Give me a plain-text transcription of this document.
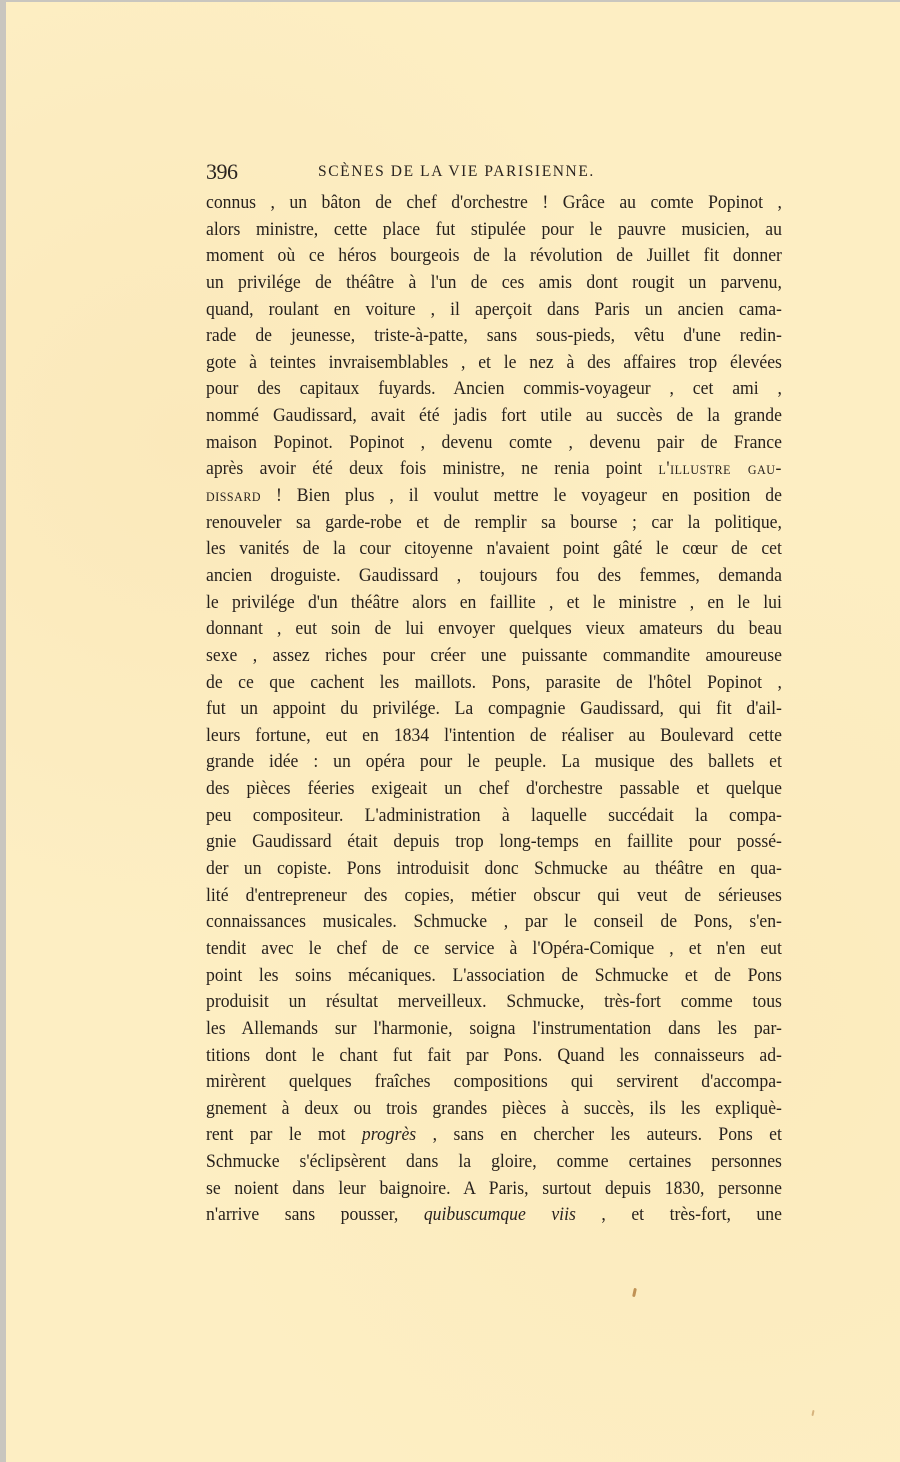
396	SCÈNES DE LA VIE PARISIENNE.
connus , un bâton de chef d'orchestre ! Grâce au comte Popinot ,
alors ministre, cette place fut stipulée pour le pauvre musicien, au
moment où ce héros bourgeois de la révolution de Juillet fit donner
un privilége de théâtre à l'un de ces amis dont rougit un parvenu,
quand, roulant en voiture , il aperçoit dans Paris un ancien cama-
rade de jeunesse, triste-à-patte, sans sous-pieds, vêtu d'une redin-
gote à teintes invraisemblables , et le nez à des affaires trop élevées
pour des capitaux fuyards. Ancien commis-voyageur , cet ami ,
nommé Gaudissard, avait été jadis fort utile au succès de la grande
maison Popinot. Popinot , devenu comte , devenu pair de France
après avoir été deux fois ministre, ne renia point l'illustre gau-
dissard ! Bien plus , il voulut mettre le voyageur en position de
renouveler sa garde-robe et de remplir sa bourse ; car la politique,
les vanités de la cour citoyenne n'avaient point gâté le cœur de cet
ancien droguiste. Gaudissard , toujours fou des femmes, demanda
le privilége d'un théâtre alors en faillite , et le ministre , en le lui
donnant , eut soin de lui envoyer quelques vieux amateurs du beau
sexe , assez riches pour créer une puissante commandite amoureuse
de ce que cachent les maillots. Pons, parasite de l'hôtel Popinot ,
fut un appoint du privilége. La compagnie Gaudissard, qui fit d'ail-
leurs fortune, eut en 1834 l'intention de réaliser au Boulevard cette
grande idée : un opéra pour le peuple. La musique des ballets et
des pièces féeries exigeait un chef d'orchestre passable et quelque
peu compositeur. L'administration à laquelle succédait la compa-
gnie Gaudissard était depuis trop long-temps en faillite pour possé-
der un copiste. Pons introduisit donc Schmucke au théâtre en qua-
lité d'entrepreneur des copies, métier obscur qui veut de sérieuses
connaissances musicales. Schmucke , par le conseil de Pons, s'en-
tendit avec le chef de ce service à l'Opéra-Comique , et n'en eut
point les soins mécaniques. L'association de Schmucke et de Pons
produisit un résultat merveilleux. Schmucke, très-fort comme tous
les Allemands sur l'harmonie, soigna l'instrumentation dans les par-
titions dont le chant fut fait par Pons. Quand les connaisseurs ad-
mirèrent quelques fraîches compositions qui servirent d'accompa-
gnement à deux ou trois grandes pièces à succès, ils les expliquè-
rent par le mot progrès , sans en chercher les auteurs. Pons et
Schmucke s'éclipsèrent dans la gloire, comme certaines personnes
se noient dans leur baignoire. A Paris, surtout depuis 1830, personne
n'arrive sans pousser, quibuscumque viis , et très-fort, une
